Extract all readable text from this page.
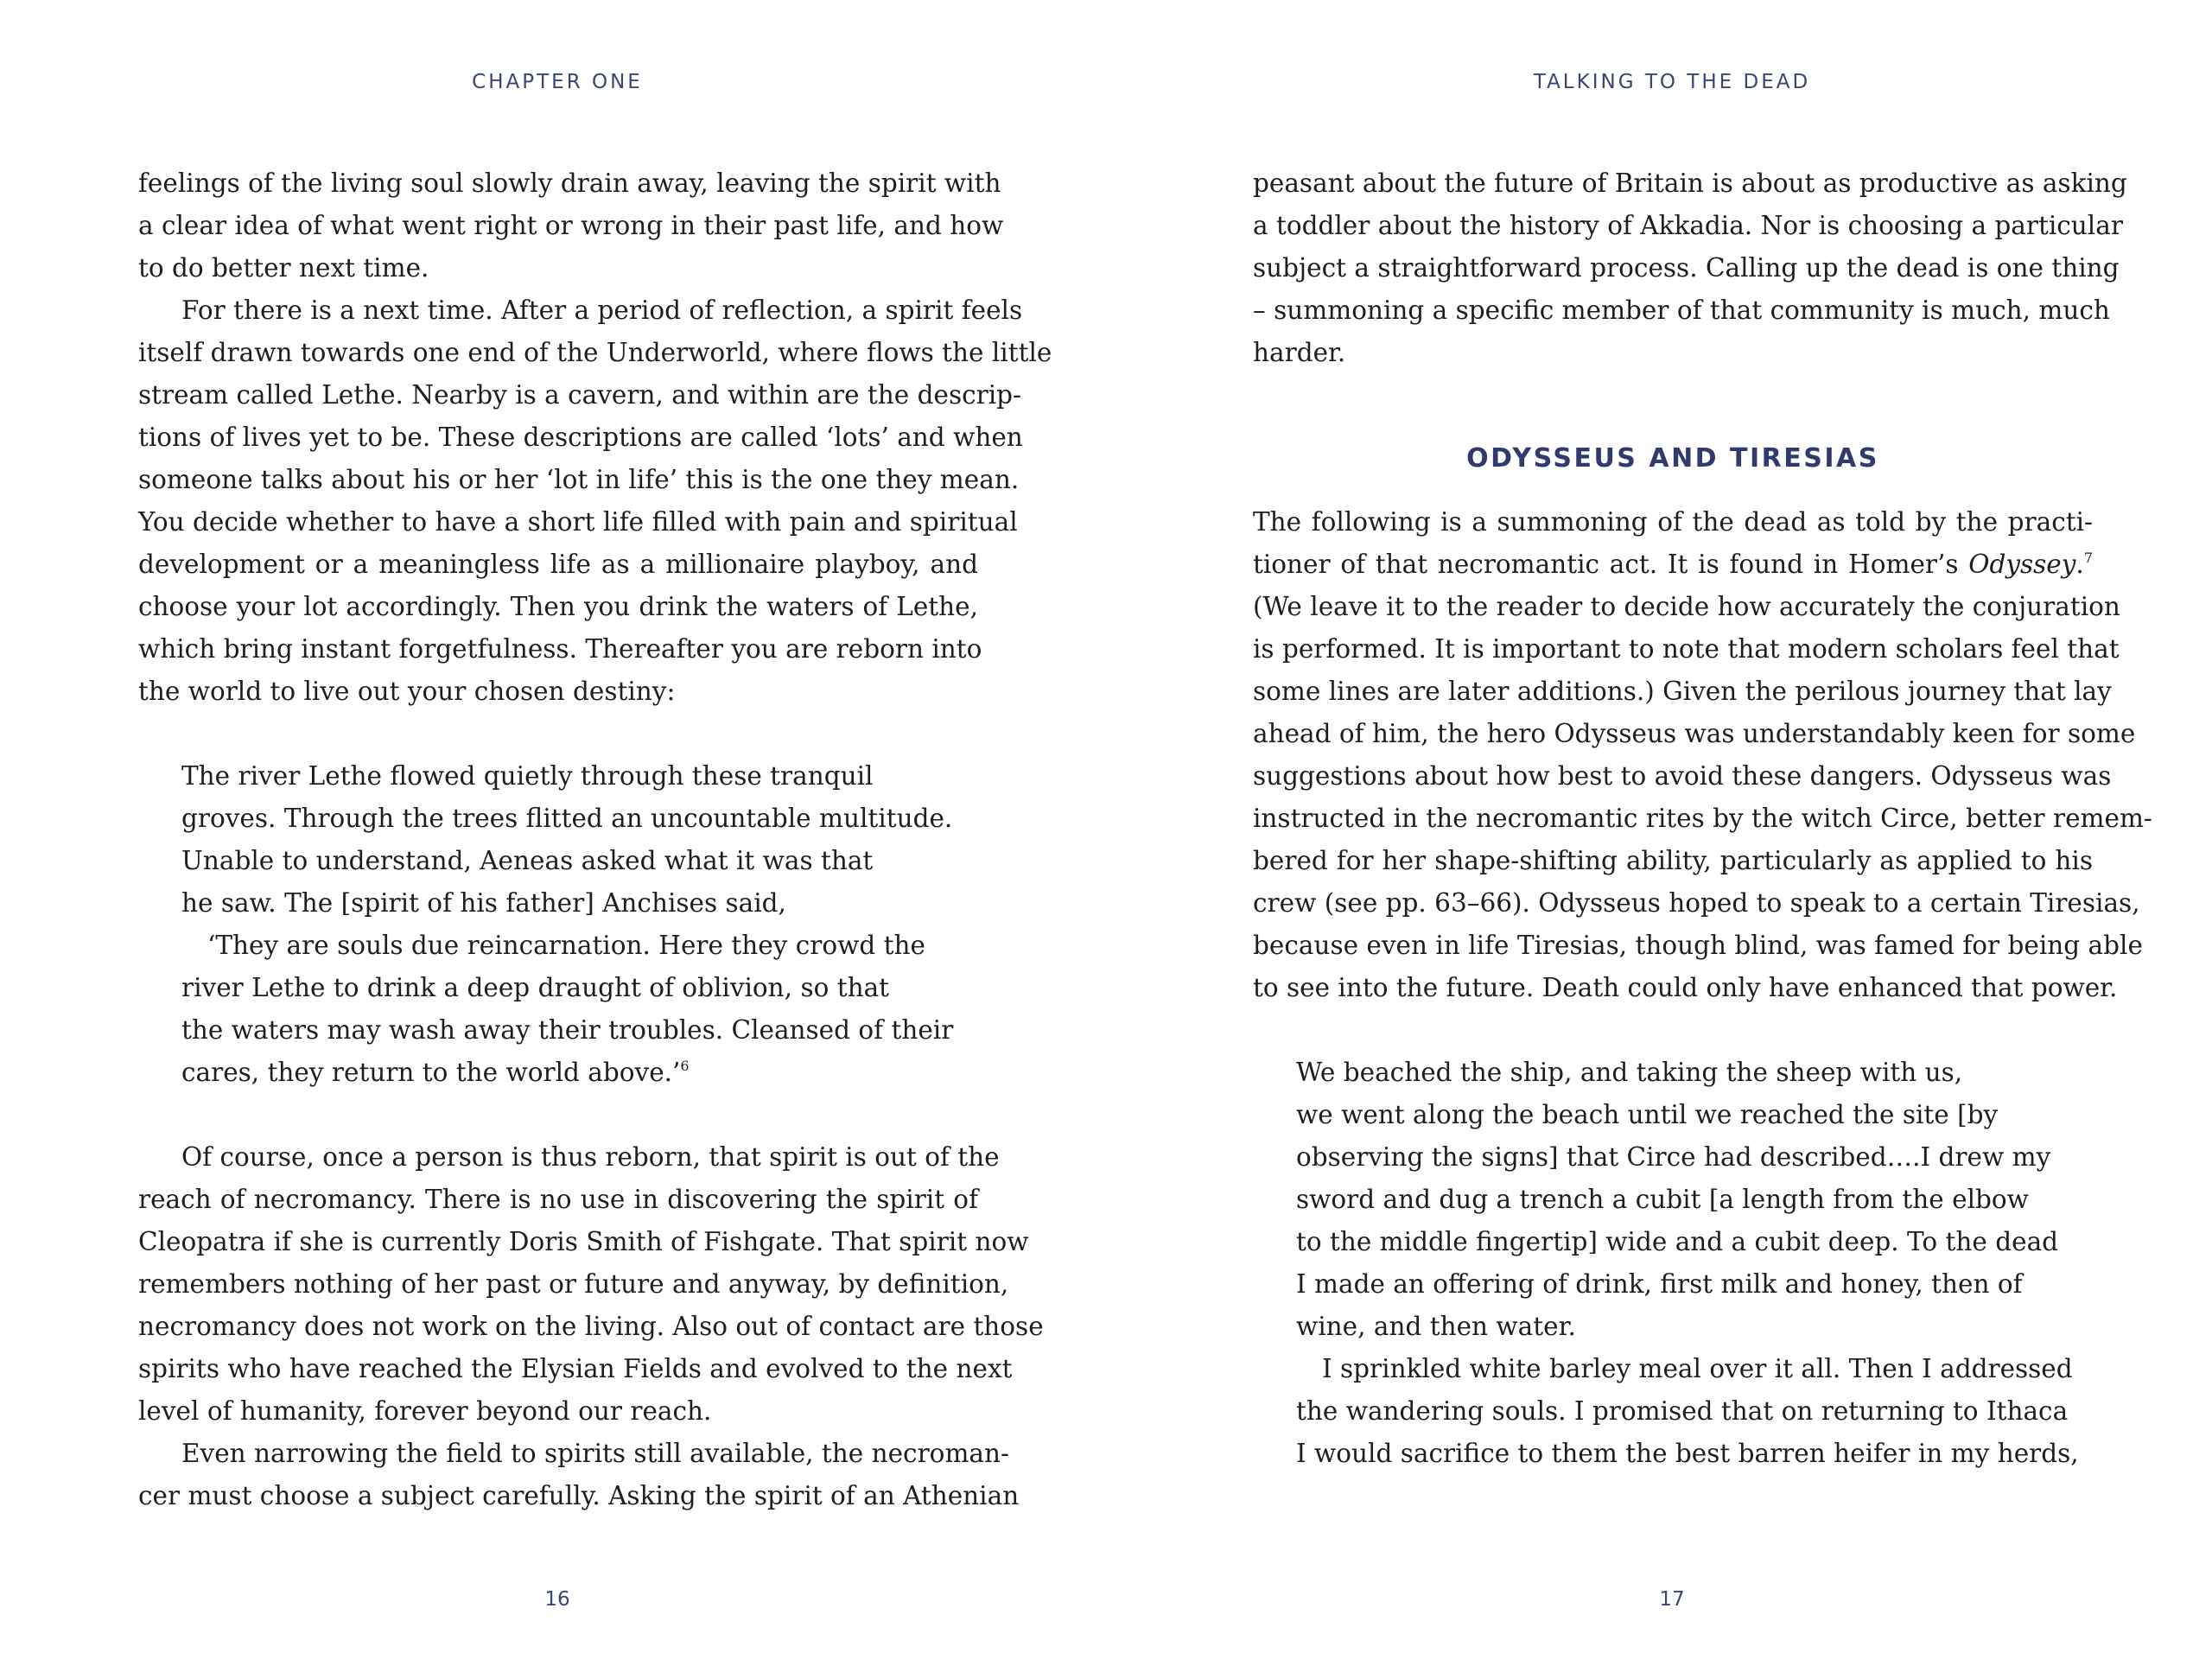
CHAPTER ONE
feelings of the living soul slowly drain away, leaving the spirit with
a clear idea of what went right or wrong in their past life, and how
to do better next time.
For there is a next time. After a period of reflection, a spirit feels
itself drawn towards one end of the Underworld, where flows the little
stream called Lethe. Nearby is a cavern, and within are the descrip-
tions of lives yet to be. These descriptions are called ‘lots’ and when
someone talks about his or her ‘lot in life’ this is the one they mean.
You decide whether to have a short life filled with pain and spiritual
development or a meaningless life as a millionaire playboy, and
choose your lot accordingly. Then you drink the waters of Lethe,
which bring instant forgetfulness. Thereafter you are reborn into
the world to live out your chosen destiny:
The river Lethe flowed quietly through these tranquil
groves. Through the trees flitted an uncountable multitude.
Unable to understand, Aeneas asked what it was that
he saw. The [spirit of his father] Anchises said,
‘They are souls due reincarnation. Here they crowd the
river Lethe to drink a deep draught of oblivion, so that
the waters may wash away their troubles. Cleansed of their
cares, they return to the world above.’$^6$
Of course, once a person is thus reborn, that spirit is out of the
reach of necromancy. There is no use in discovering the spirit of
Cleopatra if she is currently Doris Smith of Fishgate. That spirit now
remembers nothing of her past or future and anyway, by definition,
necromancy does not work on the living. Also out of contact are those
spirits who have reached the Elysian Fields and evolved to the next
level of humanity, forever beyond our reach.
Even narrowing the field to spirits still available, the necroman-
cer must choose a subject carefully. Asking the spirit of an Athenian
16
TALKING TO THE DEAD
peasant about the future of Britain is about as productive as asking
a toddler about the history of Akkadia. Nor is choosing a particular
subject a straightforward process. Calling up the dead is one thing
– summoning a specific member of that community is much, much
harder.
ODYSSEUS AND TIRESIAS
The following is a summoning of the dead as told by the practi-
tioner of that necromantic act. It is found in Homer’s Odyssey.$^7$
(We leave it to the reader to decide how accurately the conjuration
is performed. It is important to note that modern scholars feel that
some lines are later additions.) Given the perilous journey that lay
ahead of him, the hero Odysseus was understandably keen for some
suggestions about how best to avoid these dangers. Odysseus was
instructed in the necromantic rites by the witch Circe, better remem-
bered for her shape-shifting ability, particularly as applied to his
crew (see pp. 63–66). Odysseus hoped to speak to a certain Tiresias,
because even in life Tiresias, though blind, was famed for being able
to see into the future. Death could only have enhanced that power.
We beached the ship, and taking the sheep with us,
we went along the beach until we reached the site [by
observing the signs] that Circe had described….I drew my
sword and dug a trench a cubit [a length from the elbow
to the middle fingertip] wide and a cubit deep. To the dead
I made an offering of drink, first milk and honey, then of
wine, and then water.
I sprinkled white barley meal over it all. Then I addressed
the wandering souls. I promised that on returning to Ithaca
I would sacrifice to them the best barren heifer in my herds,
17
